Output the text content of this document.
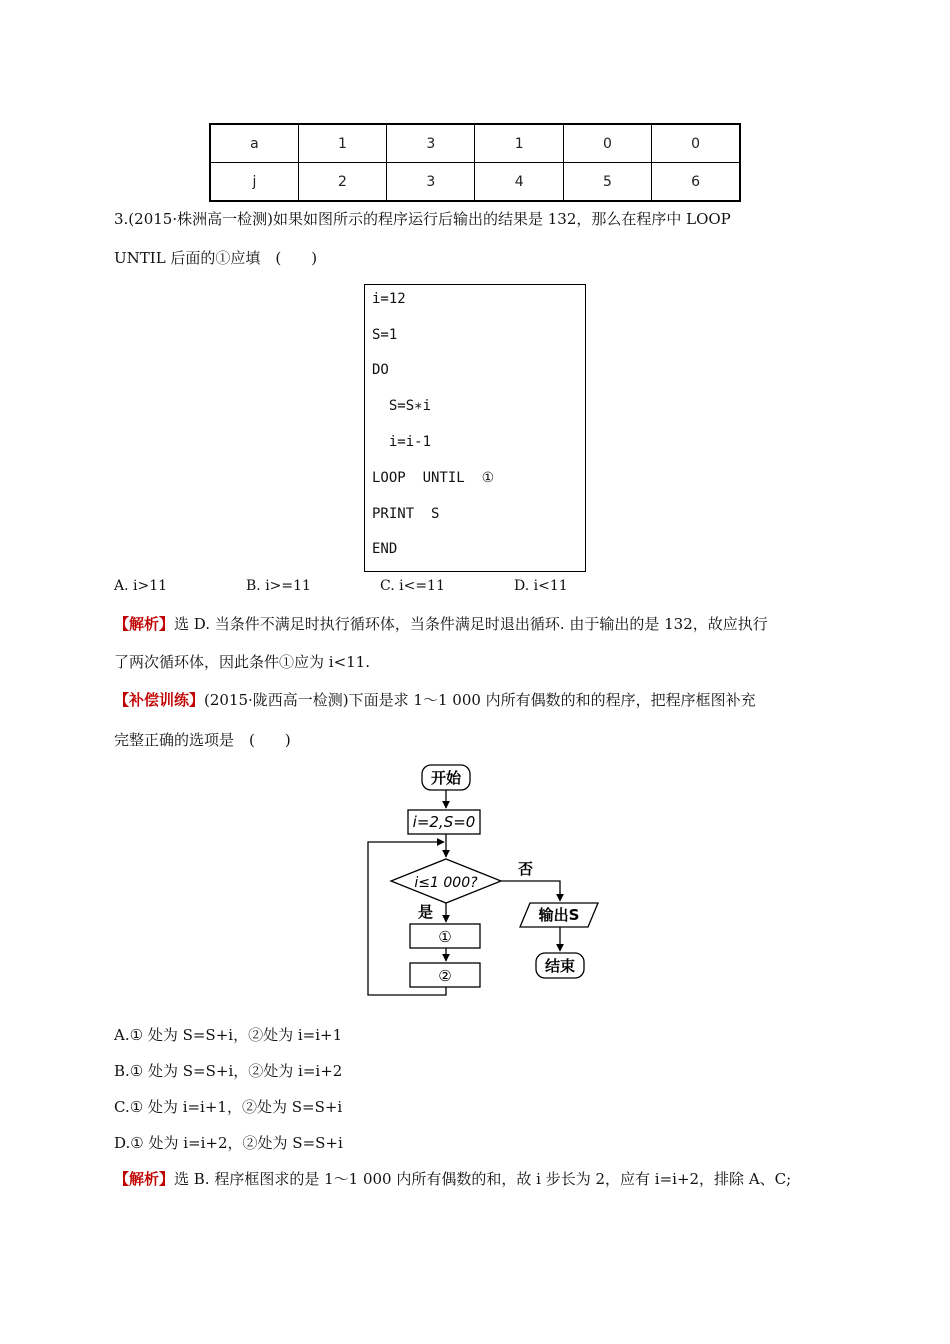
a	1	3	1	0	0
j	2	3	4	5	6
3.(2015·株洲高一检测)如果如图所示的程序运行后输出的结果是 132，那么在程序中 LOOP
UNTIL 后面的①应填　(　　)
i=12
S=1
DO
S=S∗i
i=i-1
LOOP  UNTIL  ①
PRINT  S
END
A. i>11	B. i>=11	C. i<=11	D. i<11
【解析】选 D. 当条件不满足时执行循环体，当条件满足时退出循环. 由于输出的是 132，故应执行
了两次循环体，因此条件①应为 i<11.
【补偿训练】(2015·陇西高一检测)下面是求 1～1 000 内所有偶数的和的程序，把程序框图补充
完整正确的选项是　(　　)
开始
i=2,S=0
i≤1 000?
否
是
①
②
输出S
结束
A.① 处为 S=S+i，②处为 i=i+1
B.① 处为 S=S+i，②处为 i=i+2
C.① 处为 i=i+1，②处为 S=S+i
D.① 处为 i=i+2，②处为 S=S+i
【解析】选 B. 程序框图求的是 1～1 000 内所有偶数的和，故 i 步长为 2，应有 i=i+2，排除 A、C;
